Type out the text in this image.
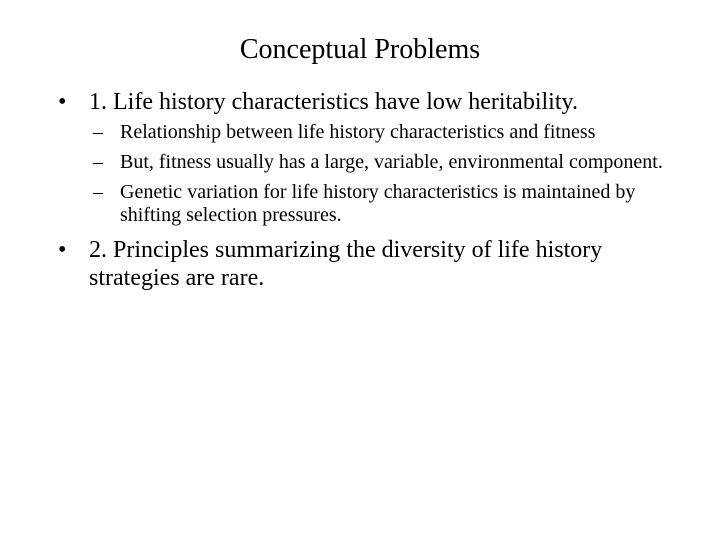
Conceptual Problems
• 1. Life history characteristics have low heritability.
– Relationship between life history characteristics and fitness
– But, fitness usually has a large, variable, environmental component.
– Genetic variation for life history characteristics is maintained by shifting selection pressures.
• 2. Principles summarizing the diversity of life history strategies are rare.
